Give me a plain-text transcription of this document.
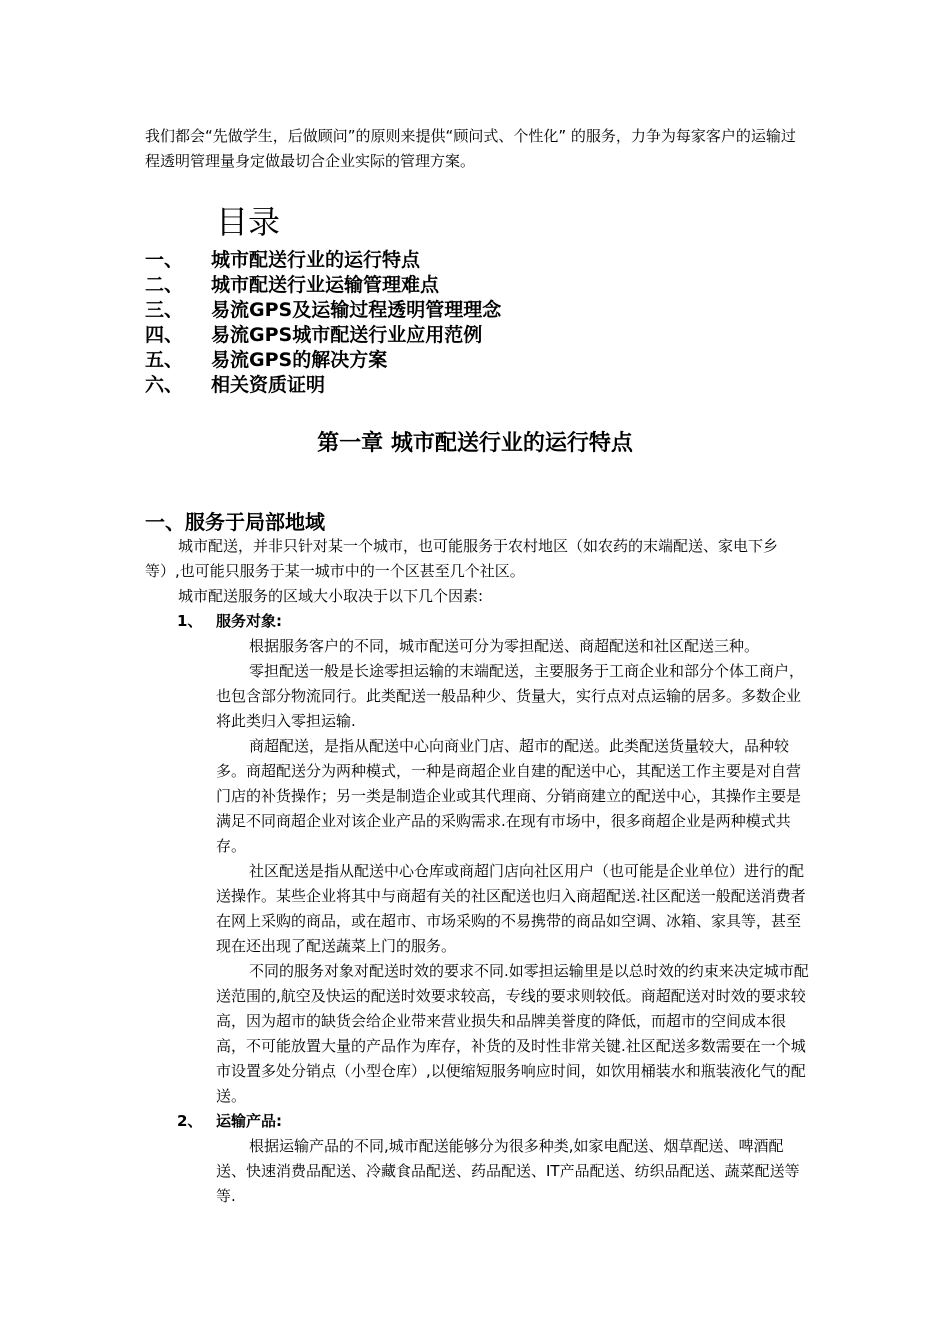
我们都会“先做学生，后做顾问”的原则来提供“顾问式、个性化” 的服务，力争为每家客户的运输过程透明管理量身定做最切合企业实际的管理方案。

目录
一、 城市配送行业的运行特点
二、 城市配送行业运输管理难点
三、 易流GPS及运输过程透明管理理念
四、 易流GPS城市配送行业应用范例
五、 易流GPS的解决方案
六、 相关资质证明
第一章 城市配送行业的运行特点
一、服务于局部地域

城市配送，并非只针对某一个城市，也可能服务于农村地区（如农药的末端配送、家电下乡等）,也可能只服务于某一城市中的一个区甚至几个社区。

城市配送服务的区域大小取决于以下几个因素:

1、 服务对象:

根据服务客户的不同，城市配送可分为零担配送、商超配送和社区配送三种。

零担配送一般是长途零担运输的末端配送，主要服务于工商企业和部分个体工商户，也包含部分物流同行。此类配送一般品种少、货量大，实行点对点运输的居多。多数企业将此类归入零担运输.

商超配送，是指从配送中心向商业门店、超市的配送。此类配送货量较大，品种较多。商超配送分为两种模式，一种是商超企业自建的配送中心，其配送工作主要是对自营门店的补货操作；另一类是制造企业或其代理商、分销商建立的配送中心，其操作主要是满足不同商超企业对该企业产品的采购需求.在现有市场中，很多商超企业是两种模式共存。

社区配送是指从配送中心仓库或商超门店向社区用户（也可能是企业单位）进行的配送操作。某些企业将其中与商超有关的社区配送也归入商超配送.社区配送一般配送消费者在网上采购的商品，或在超市、市场采购的不易携带的商品如空调、冰箱、家具等，甚至现在还出现了配送蔬菜上门的服务。

不同的服务对象对配送时效的要求不同.如零担运输里是以总时效的约束来决定城市配送范围的,航空及快运的配送时效要求较高，专线的要求则较低。商超配送对时效的要求较高，因为超市的缺货会给企业带来营业损失和品牌美誉度的降低，而超市的空间成本很高，不可能放置大量的产品作为库存，补货的及时性非常关键.社区配送多数需要在一个城市设置多处分销点（小型仓库）,以便缩短服务响应时间，如饮用桶装水和瓶装液化气的配送。

2、 运输产品:

根据运输产品的不同,城市配送能够分为很多种类,如家电配送、烟草配送、啤酒配送、快速消费品配送、冷藏食品配送、药品配送、IT产品配送、纺织品配送、蔬菜配送等等.
